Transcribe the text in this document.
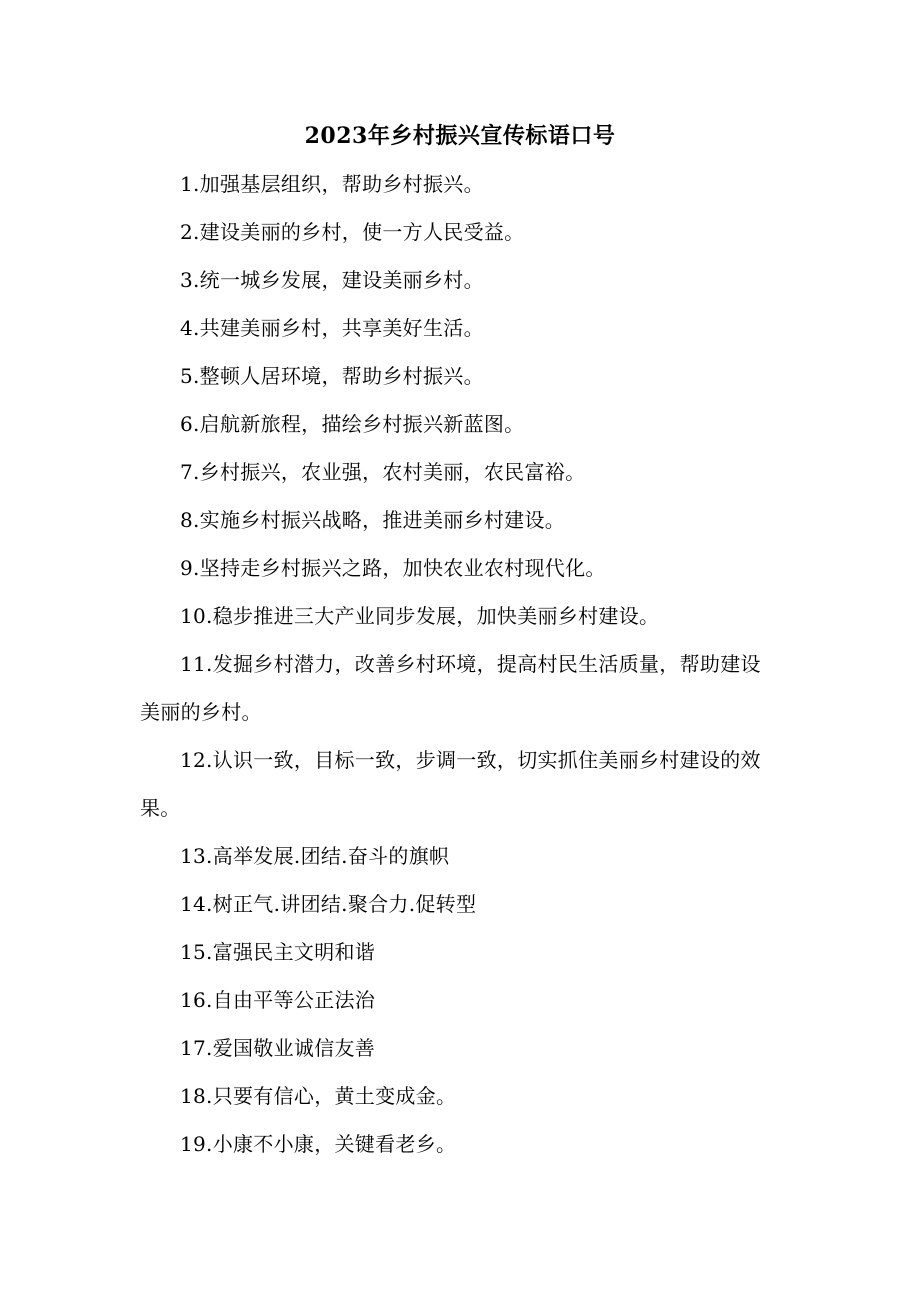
2023年乡村振兴宣传标语口号
1.加强基层组织，帮助乡村振兴。
2.建设美丽的乡村，使一方人民受益。
3.统一城乡发展，建设美丽乡村。
4.共建美丽乡村，共享美好生活。
5.整顿人居环境，帮助乡村振兴。
6.启航新旅程，描绘乡村振兴新蓝图。
7.乡村振兴，农业强，农村美丽，农民富裕。
8.实施乡村振兴战略，推进美丽乡村建设。
9.坚持走乡村振兴之路，加快农业农村现代化。
10.稳步推进三大产业同步发展，加快美丽乡村建设。
11.发掘乡村潜力，改善乡村环境，提高村民生活质量，帮助建设美丽的乡村。
12.认识一致，目标一致，步调一致，切实抓住美丽乡村建设的效果。
13.高举发展.团结.奋斗的旗帜
14.树正气.讲团结.聚合力.促转型
15.富强民主文明和谐
16.自由平等公正法治
17.爱国敬业诚信友善
18.只要有信心，黄土变成金。
19.小康不小康，关键看老乡。
